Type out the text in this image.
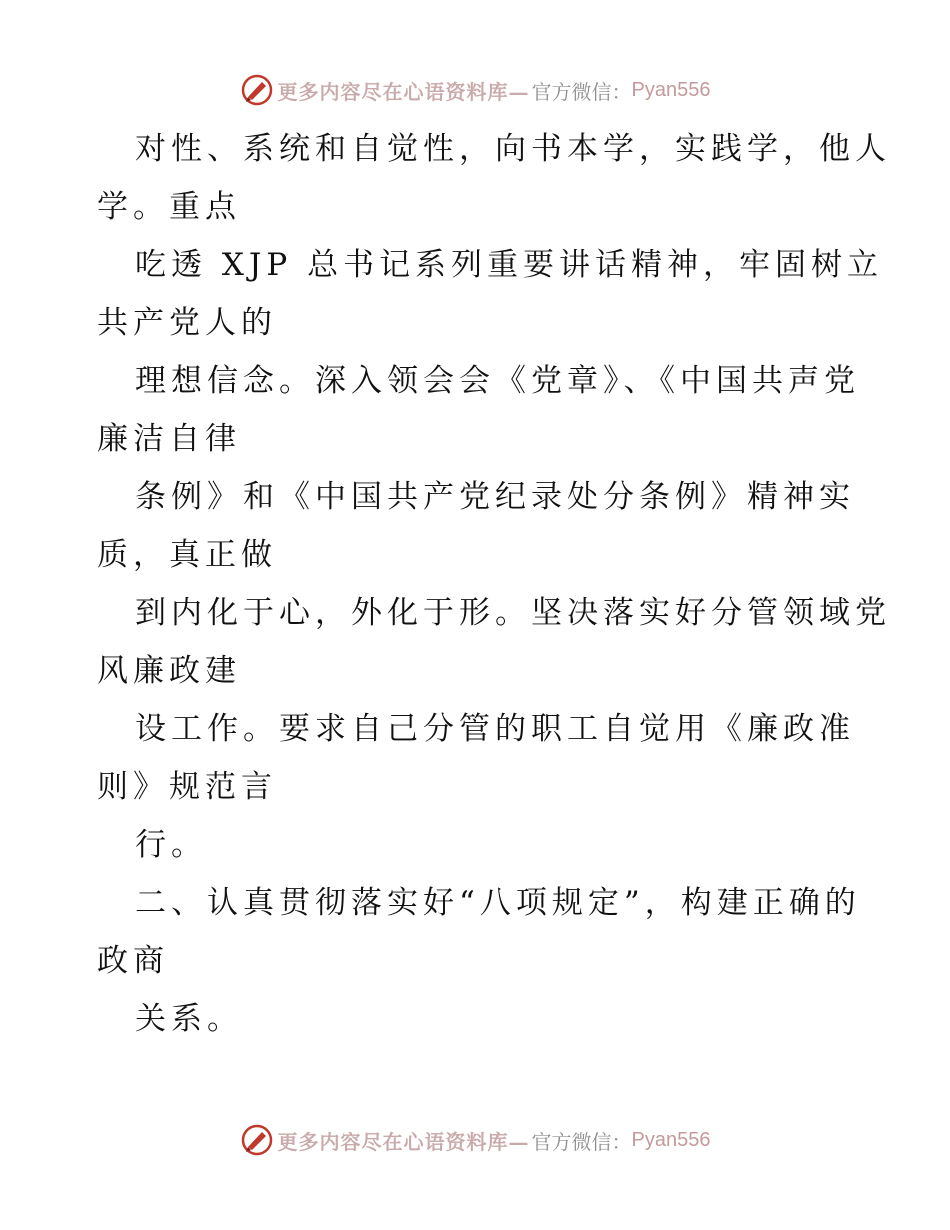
更多内容尽在心语资料库— 官方微信： Pyan556
对性、系统和自觉性，向书本学，实践学，他人
学。重点
吃透 XJP 总书记系列重要讲话精神，牢固树立
共产党人的
理想信念。深入领会会《党章》、《中国共声党
廉洁自律
条例》和《中国共产党纪录处分条例》精神实
质，真正做
到内化于心，外化于形。坚决落实好分管领域党
风廉政建
设工作。要求自己分管的职工自觉用《廉政准
则》规范言
行。
二、认真贯彻落实好“八项规定”，构建正确的
政商
关系。
更多内容尽在心语资料库— 官方微信： Pyan556
